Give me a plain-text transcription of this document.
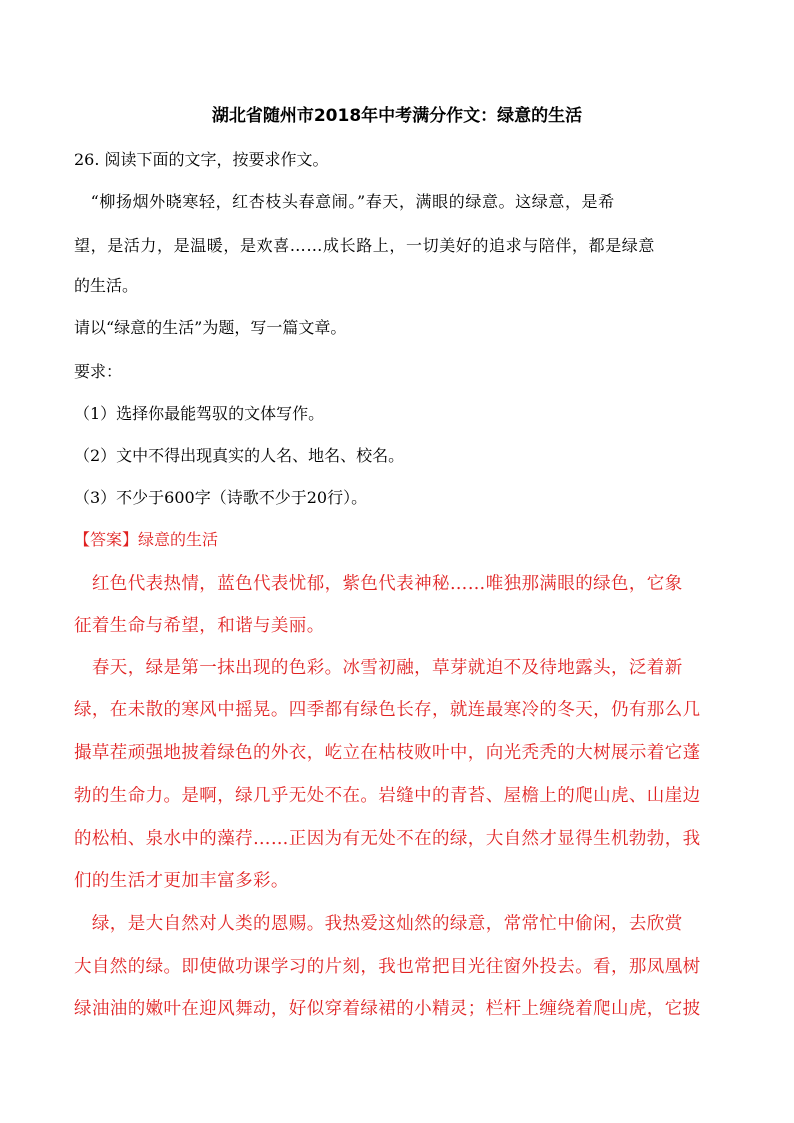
湖北省随州市2018年中考满分作文：绿意的生活
26. 阅读下面的文字，按要求作文。
　“柳扬烟外晓寒轻，红杏枝头春意闹。”春天，满眼的绿意。这绿意，是希
望，是活力，是温暖，是欢喜……成长路上，一切美好的追求与陪伴，都是绿意
的生活。
请以“绿意的生活”为题，写一篇文章。
要求：
（1）选择你最能驾驭的文体写作。
（2）文中不得出现真实的人名、地名、校名。
（3）不少于600字（诗歌不少于20行）。
【答案】绿意的生活
　红色代表热情，蓝色代表忧郁，紫色代表神秘……唯独那满眼的绿色，它象
征着生命与希望，和谐与美丽。
　春天，绿是第一抹出现的色彩。冰雪初融，草芽就迫不及待地露头，泛着新
绿，在未散的寒风中摇晃。四季都有绿色长存，就连最寒冷的冬天，仍有那么几
撮草茬顽强地披着绿色的外衣，屹立在枯枝败叶中，向光秃秃的大树展示着它蓬
勃的生命力。是啊，绿几乎无处不在。岩缝中的青苔、屋檐上的爬山虎、山崖边
的松柏、泉水中的藻荇……正因为有无处不在的绿，大自然才显得生机勃勃，我
们的生活才更加丰富多彩。
　绿，是大自然对人类的恩赐。我热爱这灿然的绿意，常常忙中偷闲，去欣赏
大自然的绿。即使做功课学习的片刻，我也常把目光往窗外投去。看，那凤凰树
绿油油的嫩叶在迎风舞动，好似穿着绿裙的小精灵；栏杆上缠绕着爬山虎，它披
